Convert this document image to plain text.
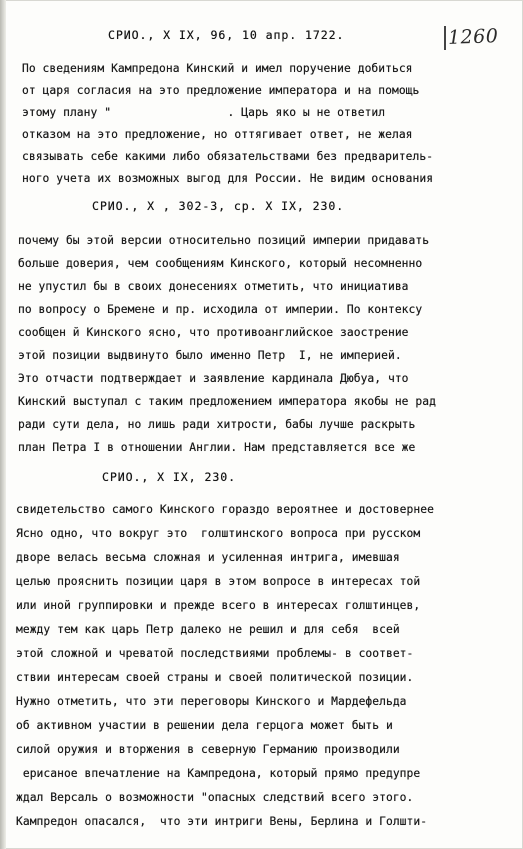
1260
СРИО., Х IX, 96, 10 апр. 1722.
По сведениям Кампредона Кинский и имел поручение добиться
от царя согласия на это предложение императора и на помощь
этому плану "                 . Царь яко ы не ответил
отказом на это предложение, но оттягивает ответ, не желая
связывать себе какими либо обязательствами без предваритель-
ного учета их возможных выгод для России. Не видим основания
СРИО., Х , 302-3, ср. Х IX, 230.
почему бы этой версии относительно позиций империи придавать
больше доверия, чем сообщениям Кинского, который несомненно
не упустил бы в своих донесениях отметить, что инициатива
по вопросу о Бремене и пр. исходила от империи. По контексу
сообщен й Кинского ясно, что противоанглийское заострение
этой позиции выдвинуто было именно Петр  I, не империей.
Это отчасти подтверждает и заявление кардинала Дюбуа, что
Кинский выступал с таким предложением императора якобы не рад
ради сути дела, но лишь ради хитрости, бабы лучше раскрыть
план Петра I в отношении Англии. Нам представляется все же
СРИО., Х IX, 230.
свидетельство самого Кинского гораздо вероятнее и достовернее
Ясно одно, что вокруг это  голштинского вопроса при русском
дворе велась весьма сложная и усиленная интрига, имевшая
целью прояснить позиции царя в этом вопросе в интересах той
или иной группировки и прежде всего в интересах голштинцев,
между тем как царь Петр далеко не решил и для себя  всей
этой сложной и чреватой последствиями проблемы- в соответ-
ствии интересам своей страны и своей политической позиции.
Нужно отметить, что эти переговоры Кинского и Мардефельда
об активном участии в решении дела герцога может быть и
силой оружия и вторжения в северную Германию производили
ерисаное впечатление на Кампредона, который прямо предупре
ждал Версаль о возможности "опасных следствий всего этого.
Кампредон опасался,  что эти интриги Вены, Берлина и Голшти-
